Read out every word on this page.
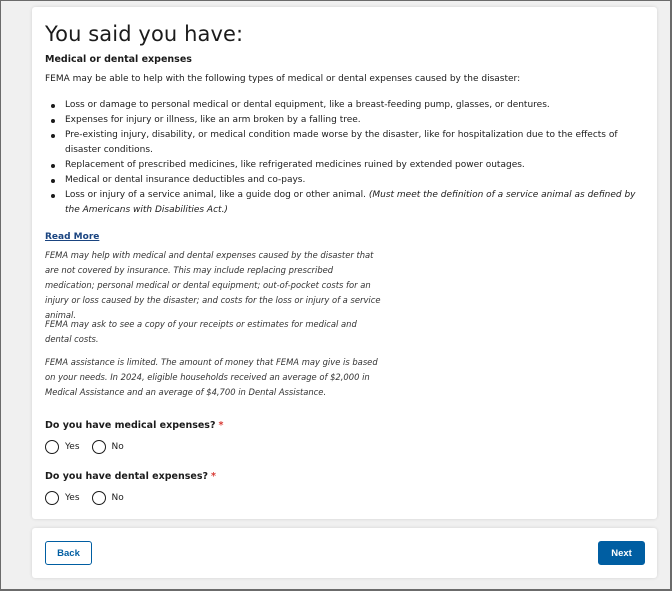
You said you have:
Medical or dental expenses

FEMA may be able to help with the following types of medical or dental expenses caused by the disaster:

Loss or damage to personal medical or dental equipment, like a breast-feeding pump, glasses, or dentures.
Expenses for injury or illness, like an arm broken by a falling tree.
Pre-existing injury, disability, or medical condition made worse by the disaster, like for hospitalization due to the effects of disaster conditions.
Replacement of prescribed medicines, like refrigerated medicines ruined by extended power outages.
Medical or dental insurance deductibles and co-pays.
Loss or injury of a service animal, like a guide dog or other animal. (Must meet the definition of a service animal as defined by the Americans with Disabilities Act.)
Read More

FEMA may help with medical and dental expenses caused by the disaster that are not covered by insurance. This may include replacing prescribed medication; personal medical or dental equipment; out-of-pocket costs for an injury or loss caused by the disaster; and costs for the loss or injury of a service animal.

FEMA may ask to see a copy of your receipts or estimates for medical and dental costs.

FEMA assistance is limited. The amount of money that FEMA may give is based on your needs. In 2024, eligible households received an average of $2,000 in Medical Assistance and an average of $4,700 in Dental Assistance.

Do you have medical expenses? *

Yes	No

Do you have dental expenses? *

Yes	No
Back	Next
